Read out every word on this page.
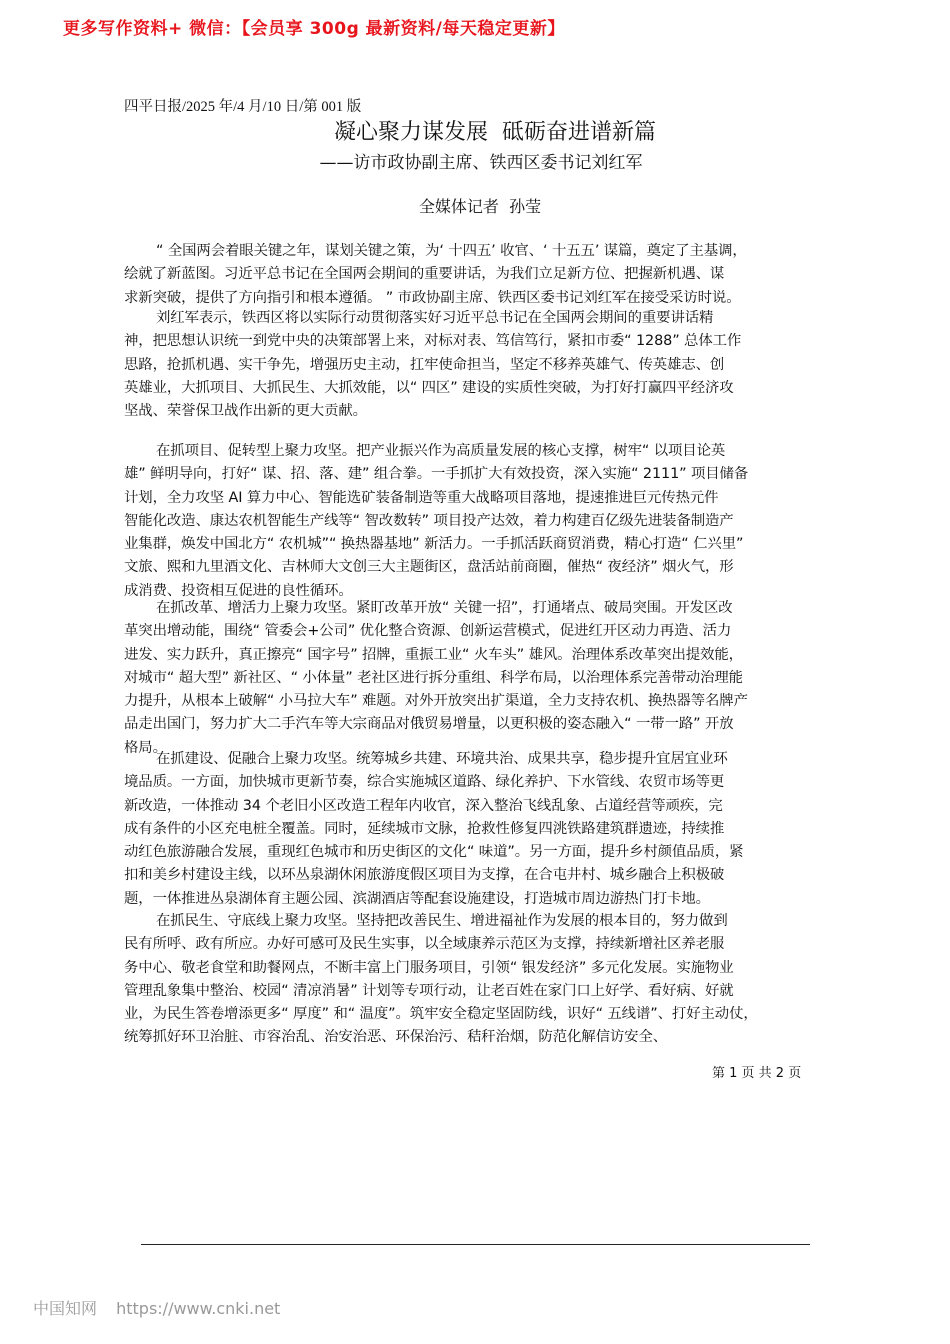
更多写作资料+ 微信：【会员享 300g 最新资料/每天稳定更新】
四平日报/2025 年/4 月/10 日/第 001 版
凝心聚力谋发展  砥砺奋进谱新篇
——访市政协副主席、铁西区委书记刘红军
全媒体记者  孙莹
“ 全国两会着眼关键之年，谋划关键之策，为‘ 十四五’ 收官、‘ 十五五’ 谋篇，奠定了主基调，
绘就了新蓝图。习近平总书记在全国两会期间的重要讲话，为我们立足新方位、把握新机遇、谋
求新突破，提供了方向指引和根本遵循。 ” 市政协副主席、铁西区委书记刘红军在接受采访时说。
刘红军表示，铁西区将以实际行动贯彻落实好习近平总书记在全国两会期间的重要讲话精
神，把思想认识统一到党中央的决策部署上来，对标对表、笃信笃行，紧扣市委“ 1288” 总体工作
思路，抢抓机遇、实干争先，增强历史主动，扛牢使命担当，坚定不移养英雄气、传英雄志、创
英雄业，大抓项目、大抓民生、大抓效能，以“ 四区” 建设的实质性突破，为打好打赢四平经济攻
坚战、荣誉保卫战作出新的更大贡献。
在抓项目、促转型上聚力攻坚。把产业振兴作为高质量发展的核心支撑，树牢“ 以项目论英
雄” 鲜明导向，打好“ 谋、招、落、建” 组合拳。一手抓扩大有效投资，深入实施“ 2111” 项目储备
计划，全力攻坚 AI 算力中心、智能选矿装备制造等重大战略项目落地，提速推进巨元传热元件
智能化改造、康达农机智能生产线等“ 智改数转” 项目投产达效，着力构建百亿级先进装备制造产
业集群，焕发中国北方“ 农机城”“ 换热器基地” 新活力。一手抓活跃商贸消费，精心打造“ 仁兴里”
文旅、熙和九里酒文化、吉林师大文创三大主题街区，盘活站前商圈，催热“ 夜经济” 烟火气，形
成消费、投资相互促进的良性循环。
在抓改革、增活力上聚力攻坚。紧盯改革开放“ 关键一招”，打通堵点、破局突围。开发区改
革突出增动能，围绕“ 管委会+公司” 优化整合资源、创新运营模式，促进红开区动力再造、活力
进发、实力跃升，真正擦亮“ 国字号” 招牌，重振工业“ 火车头” 雄风。治理体系改革突出提效能，
对城市“ 超大型” 新社区、“ 小体量” 老社区进行拆分重组、科学布局，以治理体系完善带动治理能
力提升，从根本上破解“ 小马拉大车” 难题。对外开放突出扩渠道，全力支持农机、换热器等名牌产
品走出国门，努力扩大二手汽车等大宗商品对俄贸易增量，以更积极的姿态融入“ 一带一路” 开放
格局。
在抓建设、促融合上聚力攻坚。统筹城乡共建、环境共治、成果共享，稳步提升宜居宜业环
境品质。一方面，加快城市更新节奏，综合实施城区道路、绿化养护、下水管线、农贸市场等更
新改造，一体推动 34 个老旧小区改造工程年内收官，深入整治飞线乱象、占道经营等顽疾，完
成有条件的小区充电桩全覆盖。同时，延续城市文脉，抢救性修复四洮铁路建筑群遗迹，持续推
动红色旅游融合发展，重现红色城市和历史街区的文化“ 味道”。另一方面，提升乡村颜值品质，紧
扣和美乡村建设主线，以环丛泉湖休闲旅游度假区项目为支撑，在合屯井村、城乡融合上积极破
题，一体推进丛泉湖体育主题公园、滨湖酒店等配套设施建设，打造城市周边游热门打卡地。
在抓民生、守底线上聚力攻坚。坚持把改善民生、增进福祉作为发展的根本目的，努力做到
民有所呼、政有所应。办好可感可及民生实事，以全域康养示范区为支撑，持续新增社区养老服
务中心、敬老食堂和助餐网点，不断丰富上门服务项目，引领“ 银发经济” 多元化发展。实施物业
管理乱象集中整治、校园“ 清凉消暑” 计划等专项行动，让老百姓在家门口上好学、看好病、好就
业，为民生答卷增添更多“ 厚度” 和“ 温度”。筑牢安全稳定坚固防线，识好“ 五线谱”、打好主动仗，
统筹抓好环卫治脏、市容治乱、治安治恶、环保治污、秸秆治烟，防范化解信访安全、
第 1 页 共 2 页
中国知网 https://www.cnki.net
